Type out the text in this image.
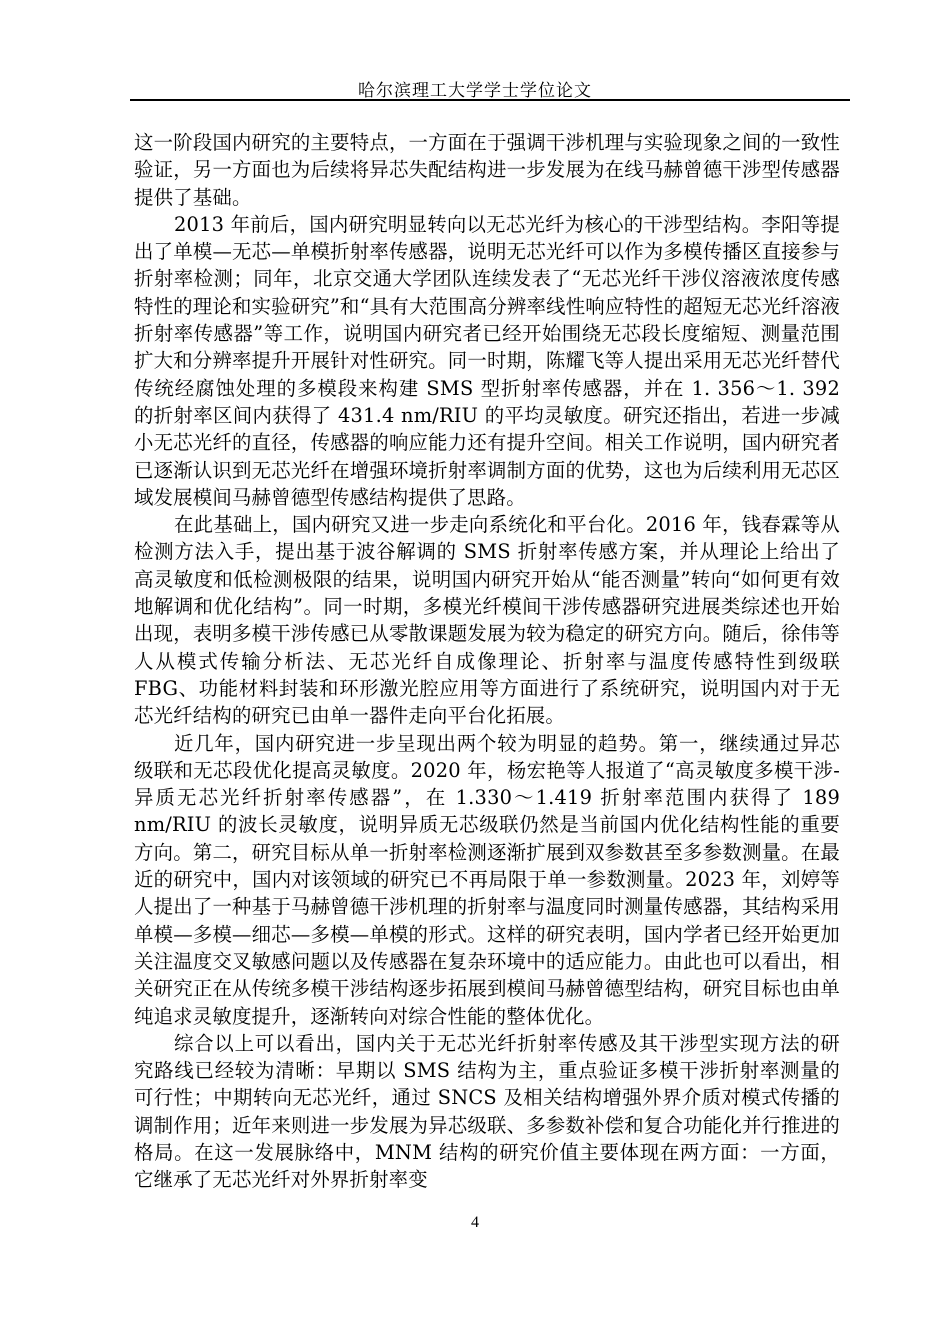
哈尔滨理工大学学士学位论文

这一阶段国内研究的主要特点，一方面在于强调干涉机理与实验现象之间的一致性验证，另一方面也为后续将异芯失配结构进一步发展为在线马赫曾德干涉型传感器提供了基础。

2013 年前后，国内研究明显转向以无芯光纤为核心的干涉型结构。李阳等提出了单模—无芯—单模折射率传感器，说明无芯光纤可以作为多模传播区直接参与折射率检测；同年，北京交通大学团队连续发表了“无芯光纤干涉仪溶液浓度传感特性的理论和实验研究”和“具有大范围高分辨率线性响应特性的超短无芯光纤溶液折射率传感器”等工作，说明国内研究者已经开始围绕无芯段长度缩短、测量范围扩大和分辨率提升开展针对性研究。同一时期，陈耀飞等人提出采用无芯光纤替代传统经腐蚀处理的多模段来构建 SMS 型折射率传感器，并在 1. 356～1. 392 的折射率区间内获得了 431.4 nm/RIU 的平均灵敏度。研究还指出，若进一步减小无芯光纤的直径，传感器的响应能力还有提升空间。相关工作说明，国内研究者已逐渐认识到无芯光纤在增强环境折射率调制方面的优势，这也为后续利用无芯区域发展模间马赫曾德型传感结构提供了思路。

在此基础上，国内研究又进一步走向系统化和平台化。2016 年，钱春霖等从检测方法入手，提出基于波谷解调的 SMS 折射率传感方案，并从理论上给出了高灵敏度和低检测极限的结果，说明国内研究开始从“能否测量”转向“如何更有效地解调和优化结构”。同一时期，多模光纤模间干涉传感器研究进展类综述也开始出现，表明多模干涉传感已从零散课题发展为较为稳定的研究方向。随后，徐伟等人从模式传输分析法、无芯光纤自成像理论、折射率与温度传感特性到级联 FBG、功能材料封装和环形激光腔应用等方面进行了系统研究，说明国内对于无芯光纤结构的研究已由单一器件走向平台化拓展。

近几年，国内研究进一步呈现出两个较为明显的趋势。第一，继续通过异芯级联和无芯段优化提高灵敏度。2020 年，杨宏艳等人报道了“高灵敏度多模干涉-异质无芯光纤折射率传感器”，在 1.330～1.419 折射率范围内获得了 189 nm/RIU 的波长灵敏度，说明异质无芯级联仍然是当前国内优化结构性能的重要方向。第二，研究目标从单一折射率检测逐渐扩展到双参数甚至多参数测量。在最近的研究中，国内对该领域的研究已不再局限于单一参数测量。2023 年，刘婷等人提出了一种基于马赫曾德干涉机理的折射率与温度同时测量传感器，其结构采用单模—多模—细芯—多模—单模的形式。这样的研究表明，国内学者已经开始更加关注温度交叉敏感问题以及传感器在复杂环境中的适应能力。由此也可以看出，相关研究正在从传统多模干涉结构逐步拓展到模间马赫曾德型结构，研究目标也由单纯追求灵敏度提升，逐渐转向对综合性能的整体优化。

综合以上可以看出，国内关于无芯光纤折射率传感及其干涉型实现方法的研究路线已经较为清晰：早期以 SMS 结构为主，重点验证多模干涉折射率测量的可行性；中期转向无芯光纤，通过 SNCS 及相关结构增强外界介质对模式传播的调制作用；近年来则进一步发展为异芯级联、多参数补偿和复合功能化并行推进的格局。在这一发展脉络中，MNM 结构的研究价值主要体现在两方面：一方面，它继承了无芯光纤对外界折射率变

4
